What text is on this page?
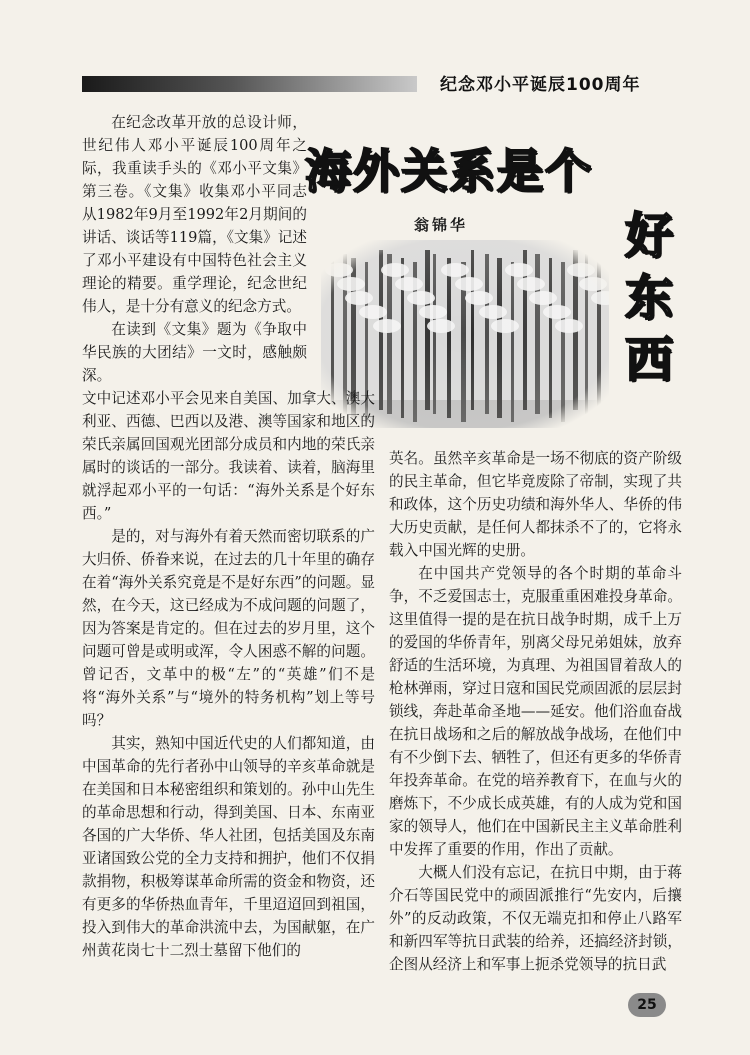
纪念邓小平诞辰100周年
海外关系是个
好
东
西
翁锦华

在纪念改革开放的总设计师，世纪伟人邓小平诞辰100周年之际，我重读手头的《邓小平文集》第三卷。《文集》收集邓小平同志从1982年9月至1992年2月期间的讲话、谈话等119篇，《文集》记述了邓小平建设有中国特色社会主义理论的精要。重学理论，纪念世纪伟人，是十分有意义的纪念方式。

在读到《文集》题为《争取中华民族的大团结》一文时，感触颇深。

文中记述邓小平会见来自美国、加拿大、澳大利亚、西德、巴西以及港、澳等国家和地区的荣氏亲属回国观光团部分成员和内地的荣氏亲属时的谈话的一部分。我读着、读着，脑海里就浮起邓小平的一句话：“海外关系是个好东西。”

是的，对与海外有着天然而密切联系的广大归侨、侨眷来说，在过去的几十年里的确存在着“海外关系究竟是不是好东西”的问题。显然，在今天，这已经成为不成问题的问题了，因为答案是肯定的。但在过去的岁月里，这个问题可曾是或明或浑，令人困惑不解的问题。曾记否，文革中的极“左”的“英雄”们不是将“海外关系”与“境外的特务机构”划上等号吗？

其实，熟知中国近代史的人们都知道，由中国革命的先行者孙中山领导的辛亥革命就是在美国和日本秘密组织和策划的。孙中山先生的革命思想和行动，得到美国、日本、东南亚各国的广大华侨、华人社团，包括美国及东南亚诸国致公党的全力支持和拥护，他们不仅捐款捐物，积极筹谋革命所需的资金和物资，还有更多的华侨热血青年，千里迢迢回到祖国，投入到伟大的革命洪流中去，为国献躯，在广州黄花岗七十二烈士墓留下他们的

英名。虽然辛亥革命是一场不彻底的资产阶级的民主革命，但它毕竟废除了帝制，实现了共和政体，这个历史功绩和海外华人、华侨的伟大历史贡献，是任何人都抹杀不了的，它将永载入中国光辉的史册。

在中国共产党领导的各个时期的革命斗争，不乏爱国志士，克服重重困难投身革命。这里值得一提的是在抗日战争时期，成千上万的爱国的华侨青年，别离父母兄弟姐妹，放弃舒适的生活环境，为真理、为祖国冒着敌人的枪林弹雨，穿过日寇和国民党顽固派的层层封锁线，奔赴革命圣地——延安。他们浴血奋战在抗日战场和之后的解放战争战场，在他们中有不少倒下去、牺牲了，但还有更多的华侨青年投奔革命。在党的培养教育下，在血与火的磨炼下，不少成长成英雄，有的人成为党和国家的领导人，他们在中国新民主主义革命胜利中发挥了重要的作用，作出了贡献。

大概人们没有忘记，在抗日中期，由于蒋介石等国民党中的顽固派推行“先安内，后攘外”的反动政策，不仅无端克扣和停止八路军和新四军等抗日武装的给养，还搞经济封锁，企图从经济上和军事上扼杀党领导的抗日武

25
